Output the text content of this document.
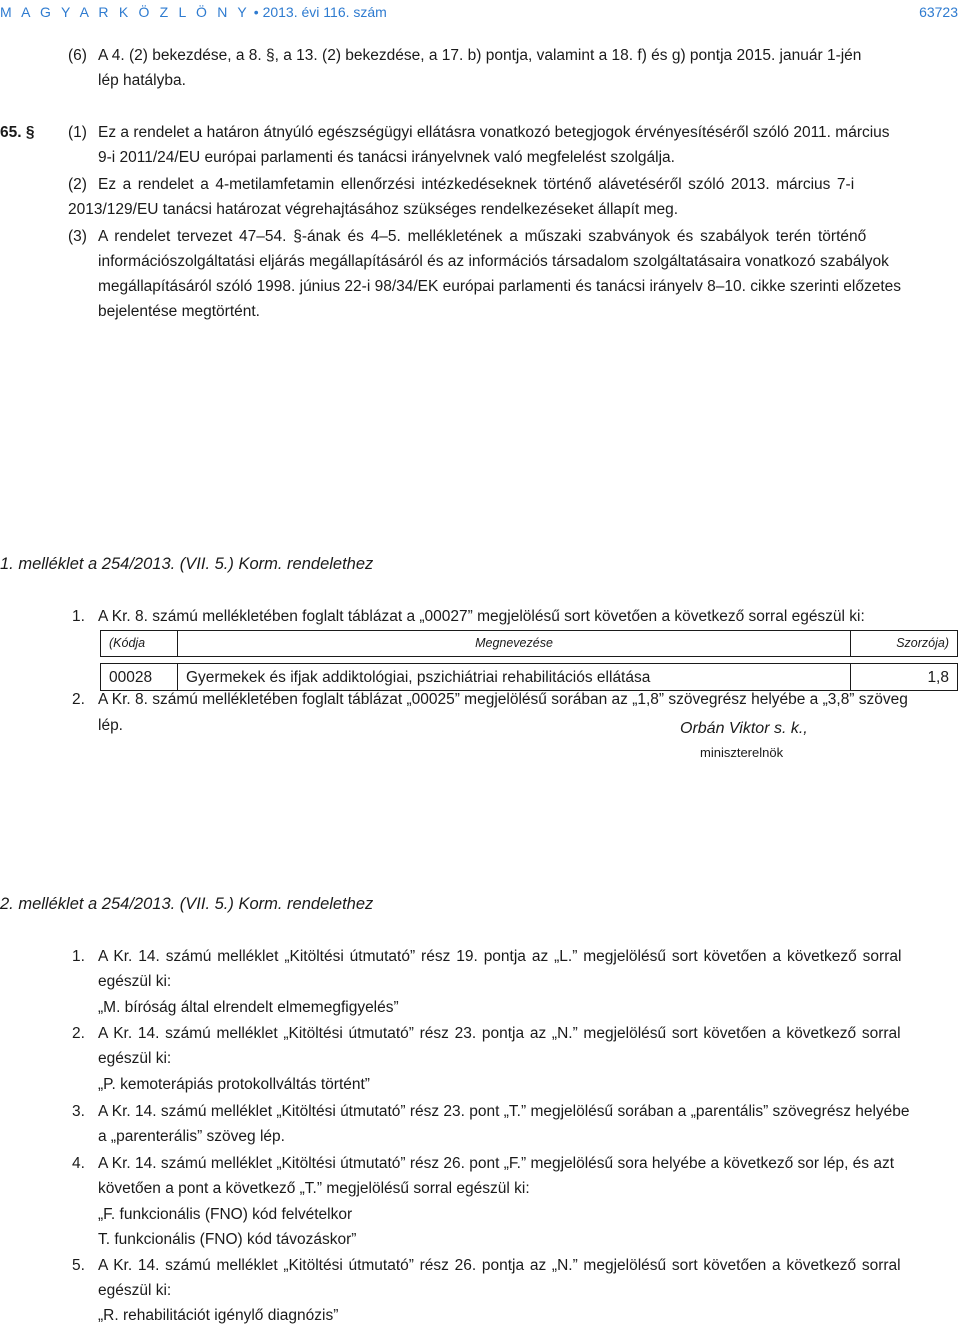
M A G Y A R K Ö Z L Ö N Y • 2013. évi 116. szám	63723
(6) A 4. (2) bekezdése, a 8. §, a 13. (2) bekezdése, a 17. b) pontja, valamint a 18. f) és g) pontja 2015. január 1-jén
lép hatályba.
65. § (1) Ez a rendelet a határon átnyúló egészségügyi ellátásra vonatkozó betegjogok érvényesítéséről szóló 2011. március
9-i 2011/24/EU európai parlamenti és tanácsi irányelvnek való megfelelést szolgálja.
(2) Ez a rendelet a 4-metilamfetamin ellenőrzési intézkedéseknek történő alávetéséről szóló 2013. március 7-i
2013/129/EU tanácsi határozat végrehajtásához szükséges rendelkezéseket állapít meg.
(3) A rendelet tervezet 47–54. §-ának és 4–5. mellékletének a műszaki szabványok és szabályok terén történő
információszolgáltatási eljárás megállapításáról és az információs társadalom szolgáltatásaira vonatkozó szabályok
megállapításáról szóló 1998. június 22-i 98/34/EK európai parlamenti és tanácsi irányelv 8–10. cikke szerinti előzetes
bejelentése megtörtént.
Orbán Viktor s. k.,
miniszterelnök
1. melléklet a 254/2013. (VII. 5.) Korm. rendelethez
1. A Kr. 8. számú mellékletében foglalt táblázat a „00027” megjelölésű sort követően a következő sorral egészül ki:
(Kódja	Megnevezése	Szorzója)

00028	Gyermekek és ifjak addiktológiai, pszichiátriai rehabilitációs ellátása	1,8
2. A Kr. 8. számú mellékletében foglalt táblázat „00025” megjelölésű sorában az „1,8” szövegrész helyébe a „3,8” szöveg
lép.
2. melléklet a 254/2013. (VII. 5.) Korm. rendelethez
1. A Kr. 14. számú melléklet „Kitöltési útmutató” rész 19. pontja az „L.” megjelölésű sort követően a következő sorral
egészül ki:
„M. bíróság által elrendelt elmemegfigyelés”
2. A Kr. 14. számú melléklet „Kitöltési útmutató” rész 23. pontja az „N.” megjelölésű sort követően a következő sorral
egészül ki:
„P. kemoterápiás protokollváltás történt”
3. A Kr. 14. számú melléklet „Kitöltési útmutató” rész 23. pont „T.” megjelölésű sorában a „parentális” szövegrész helyébe
a „parenterális” szöveg lép.
4. A Kr. 14. számú melléklet „Kitöltési útmutató” rész 26. pont „F.” megjelölésű sora helyébe a következő sor lép, és azt
követően a pont a következő „T.” megjelölésű sorral egészül ki:
„F. funkcionális (FNO) kód felvételkor
T. funkcionális (FNO) kód távozáskor”
5. A Kr. 14. számú melléklet „Kitöltési útmutató” rész 26. pontja az „N.” megjelölésű sort követően a következő sorral
egészül ki:
„R. rehabilitációt igénylő diagnózis”
